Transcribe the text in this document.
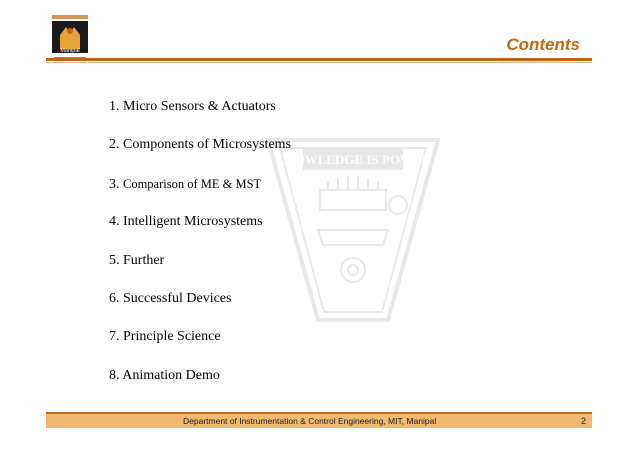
Manipal	Contents
KNOWLEDGE IS POWER
1. Micro Sensors & Actuators
2. Components of Microsystems
3. Comparison of ME & MST
4. Intelligent Microsystems
5. Further
6. Successful Devices
7. Principle Science
8. Animation Demo
Department of Instrumentation & Control Engineering, MIT, Manipal	2
